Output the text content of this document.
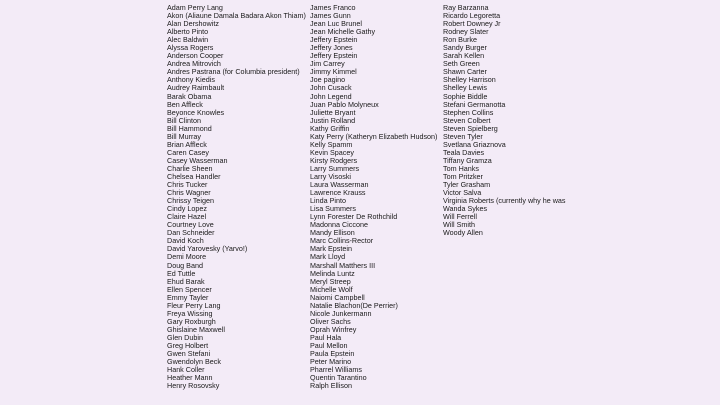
Adam Perry Lang
Akon (Aliaune Damala Badara Akon Thiam)
Alan Dershowitz
Alberto Pinto
Alec Baldwin
Alyssa Rogers
Anderson Cooper
Andrea Mitrovich
Andres Pastrana (for Columbia president)
Anthony Kiedis
Audrey Raimbault
Barak Obama
Ben Affleck
Beyonce Knowles
Bill Clinton
Bill Hammond
Bill Murray
Brian Affleck
Caren Casey
Casey Wasserman
Charlie Sheen
Chelsea Handler
Chris Tucker
Chris Wagner
Chrissy Teigen
Cindy Lopez
Claire Hazel
Courtney Love
Dan Schneider
David Koch
David Yarovesky (Yarvo!)
Demi Moore
Doug Band
Ed Tuttle
Ehud Barak
Ellen Spencer
Emmy Tayler
Fleur Perry Lang
Freya Wissing
Gary Roxburgh
Ghislaine Maxwell
Glen Dubin
Greg Holbert
Gwen Stefani
Gwendolyn Beck
Hank Coller
Heather Mann
Henry Rosovsky
James Franco
James Gunn
Jean Luc Brunel
Jean Michelle Gathy
Jeffery Epstein
Jeffery Jones
Jeffery Epstein
Jim Carrey
Jimmy Kimmel
Joe pagino
John Cusack
John Legend
Juan Pablo Molyneux
Juliette Bryant
Justin Rolland
Kathy Griffin
Katy Perry (Katheryn Elizabeth Hudson)
Kelly Spamm
Kevin Spacey
Kirsty Rodgers
Larry Summers
Larry Visoski
Laura Wasserman
Lawrence Krauss
Linda Pinto
Lisa Summers
Lynn Forester De Rothchild
Madonna Ciccone
Mandy Ellison
Marc Collins-Rector
Mark Epstein
Mark Lloyd
Marshall Matthers III
Melinda Luntz
Meryl Streep
Michelle Wolf
Naiomi Campbell
Natalie Blachon(De Perrier)
Nicole Junkermann
Oliver Sachs
Oprah Winfrey
Paul Hala
Paul Mellon
Paula Epstein
Peter Marino
Pharrel Williams
Quentin Tarantino
Ralph Ellison
Ray Barzanna
Ricardo Legoretta
Robert Downey Jr
Rodney Slater
Ron Burke
Sandy Burger
Sarah Kellen
Seth Green
Shawn Carter
Shelley Harrison
Shelley Lewis
Sophie Biddle
Stefani Germanotta
Stephen Collins
Steven Colbert
Steven Spielberg
Steven Tyler
Svetlana Griaznova
Teala Davies
Tiffany Gramza
Tom Hanks
Tom Pritzker
Tyler Grasham
Victor Salva
Virginia Roberts (currently why he was
Wanda Sykes
Will Ferrell
Will Smith
Woody Allen
